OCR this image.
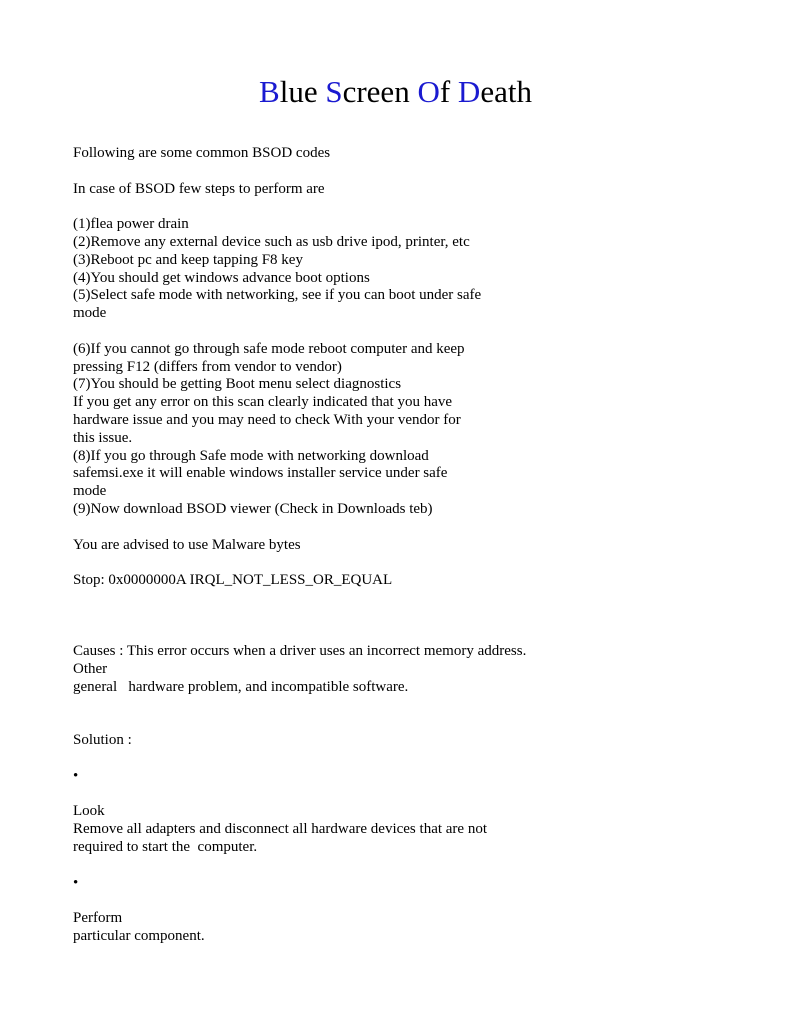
Blue Screen Of Death
Following are some common BSOD codes
In case of BSOD few steps to perform are
(1)flea power drain
(2)Remove any external device such as usb drive ipod, printer, etc
(3)Reboot pc and keep tapping F8 key
(4)You should get windows advance boot options
(5)Select safe mode with networking, see if you can boot under safe
mode
(6)If you cannot go through safe mode reboot computer and keep
pressing F12 (differs from vendor to vendor)
(7)You should be getting Boot menu select diagnostics
If you get any error on this scan clearly indicated that you have
hardware issue and you may need to check With your vendor for
this issue.
(8)If you go through Safe mode with networking download
safemsi.exe it will enable windows installer service under safe
mode
(9)Now download BSOD viewer (Check in Downloads teb)
You are advised to use Malware bytes
Stop: 0x0000000A IRQL_NOT_LESS_OR_EQUAL
Causes : This error occurs when a driver uses an incorrect memory address.
Other
general   hardware problem, and incompatible software.
Solution :
•
Look
Remove all adapters and disconnect all hardware devices that are not
required to start the  computer.
•
Perform
particular component.
